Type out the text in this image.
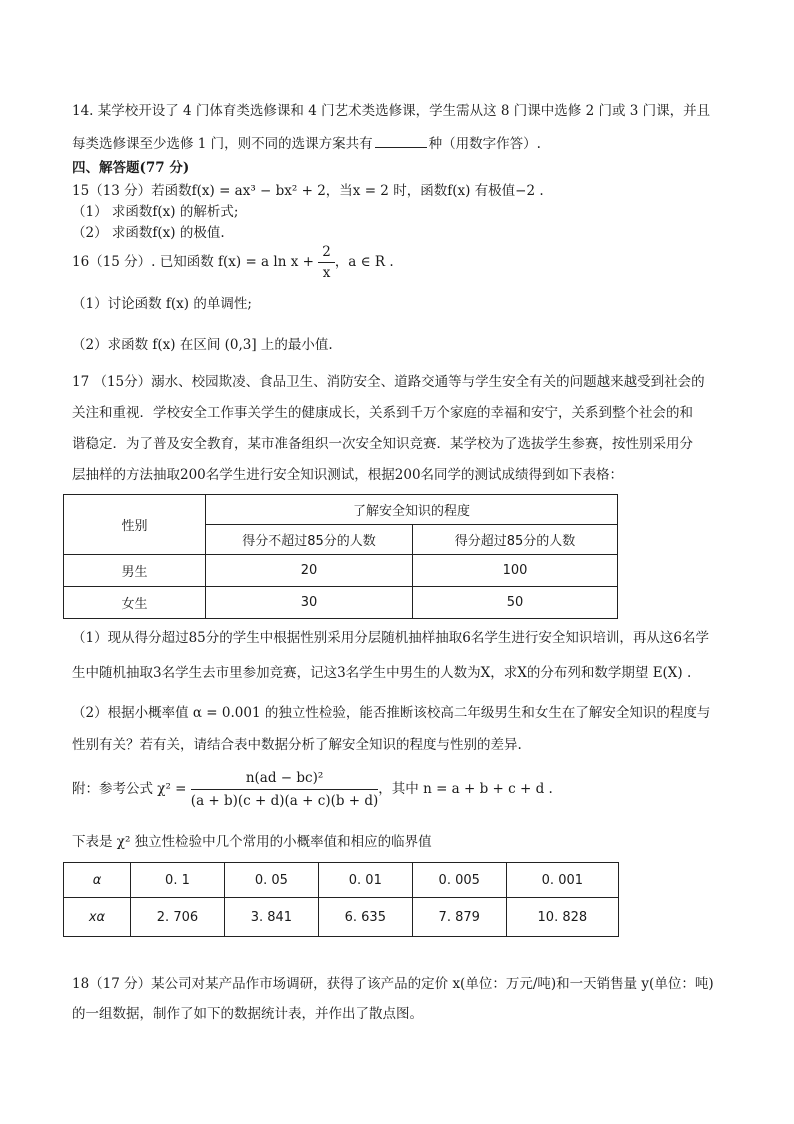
14. 某学校开设了 4 门体育类选修课和 4 门艺术类选修课，学生需从这 8 门课中选修 2 门或 3 门课，并且
每类选修课至少选修 1 门，则不同的选课方案共有	种（用数字作答）.
四、解答题(77 分)
15（13 分）若函数f(x) = ax³ − bx² + 2，当x = 2 时，函数f(x) 有极值−2 .
（1） 求函数f(x) 的解析式;
（2） 求函数f(x) 的极值.
16（15 分）. 已知函数 f(x) = a $\ln x + \frac{2}{x}$ ，a ∈ R .
（1）讨论函数 f(x) 的单调性;
（2）求函数 f(x) 在区间 (0,3] 上的最小值.
17 （15分）溺水、校园欺凌、食品卫生、消防安全、道路交通等与学生安全有关的问题越来越受到社会的
关注和重视．学校安全工作事关学生的健康成长，关系到千万个家庭的幸福和安宁，关系到整个社会的和
谐稳定．为了普及安全教育，某市准备组织一次安全知识竞赛．某学校为了选拔学生参赛，按性别采用分
层抽样的方法抽取200名学生进行安全知识测试，根据200名同学的测试成绩得到如下表格：
性别	了解安全知识的程度	
	得分不超过85分的人数	得分超过85分的人数
男生	20	100
女生	30	50
（1）现从得分超过85分的学生中根据性别采用分层随机抽样抽取6名学生进行安全知识培训，再从这6名学
生中随机抽取3名学生去市里参加竞赛，记这3名学生中男生的人数为X，求X的分布列和数学期望 E(X) .
（2）根据小概率值 α = 0.001 的独立性检验，能否推断该校高二年级男生和女生在了解安全知识的程度与
性别有关？若有关，请结合表中数据分析了解安全知识的程度与性别的差异.
附：参考公式 $\chi^2 = \frac{\text{n(ad − bc)²}}{(a + b)(c + d)(a + c)(b + d)}$ ，其中 n = a + b + c + d .
下表是 χ² 独立性检验中几个常用的小概率值和相应的临界值
α	0. 1	0. 05	0. 01	0. 005	0. 001
xα	2. 706	3. 841	6. 635	7. 879	10. 828
18（17 分）某公司对某产品作市场调研，获得了该产品的定价 x(单位：万元/吨)和一天销售量 y(单位：吨)
的一组数据，制作了如下的数据统计表，并作出了散点图。
